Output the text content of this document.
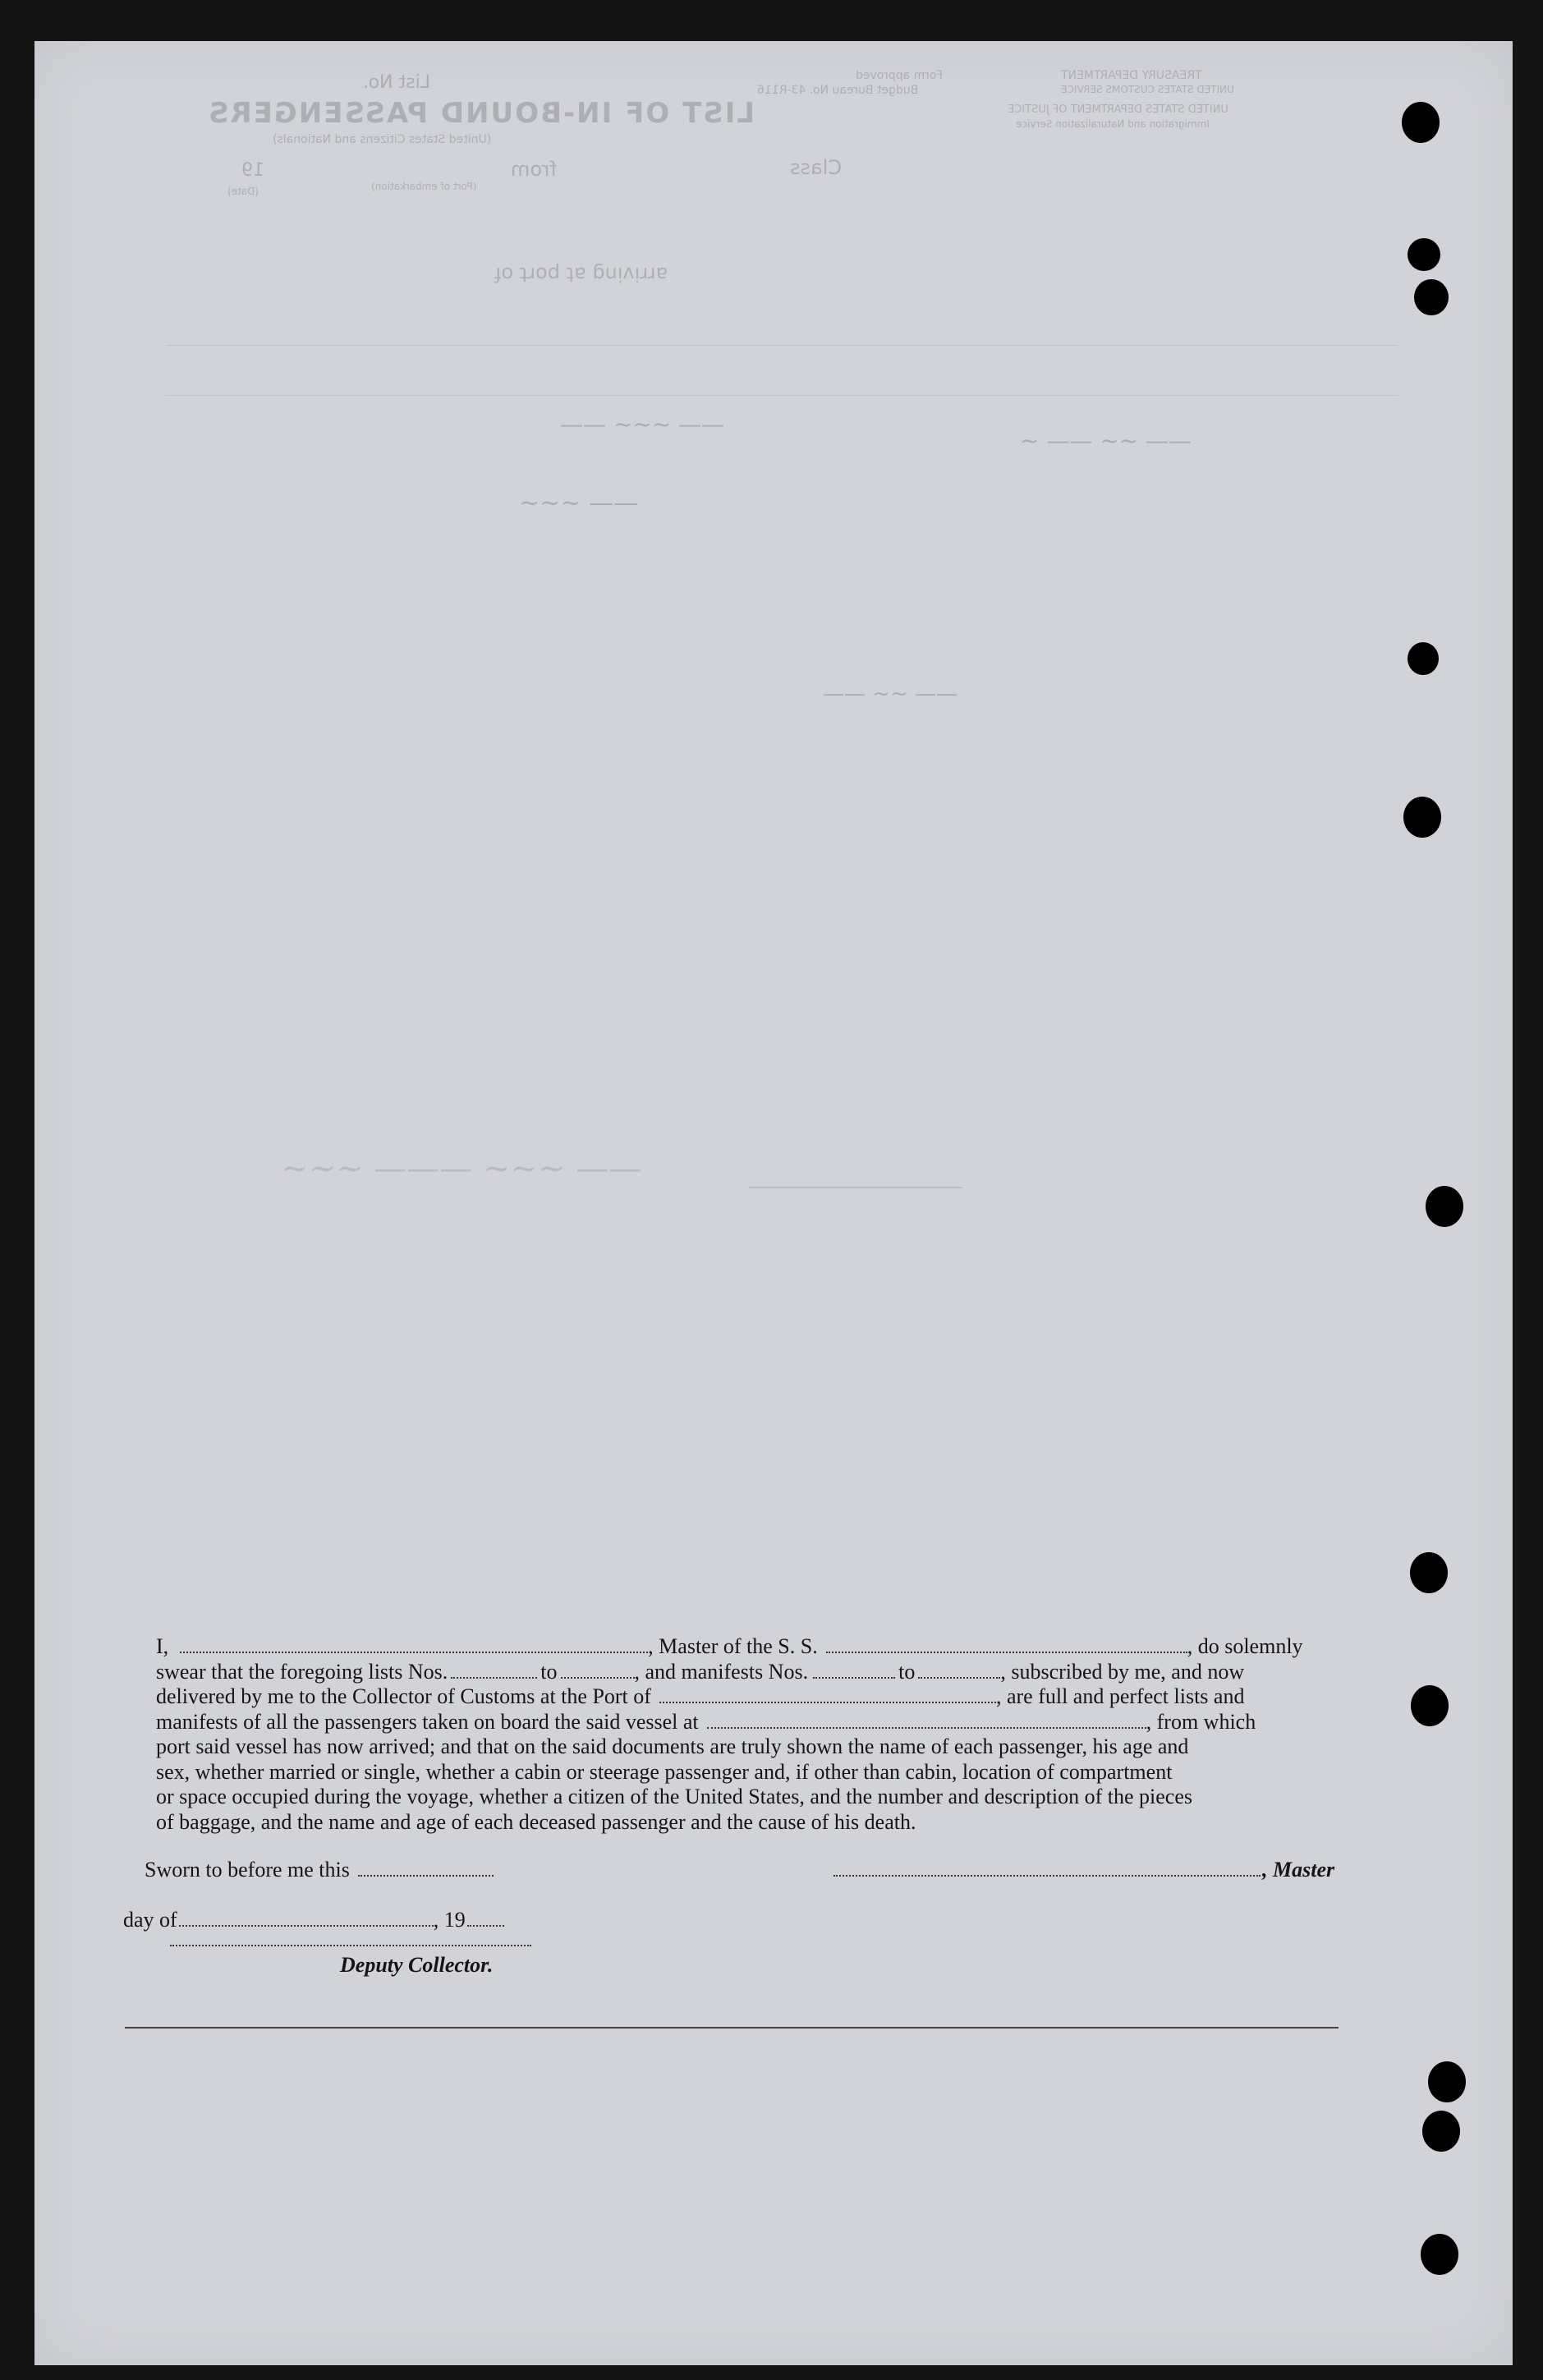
List No.
LIST OF IN-BOUND PASSENGERS
(United States Citizens and Nationals)
Form approved
Budget Bureau No. 43-R116
TREASURY DEPARTMENT
UNITED STATES CUSTOMS SERVICE
UNITED STATES DEPARTMENT OF JUSTICE
Immigration and Naturalization Service
Class
from
19
(Port of embarkation)
(Date)
arriving at port of
—— ~~~ ——
~~~ ——
~ —— ~~ ——
—— ~~ ——
~~~ ——— ~~~ ——
I,	, Master of the S. S.	, do solemnly
swear that the foregoing lists Nos.	to	, and manifests Nos.	to	, subscribed by me, and now
delivered by me to the Collector of Customs at the Port of	, are full and perfect lists and
manifests of all the passengers taken on board the said vessel at	, from which
port said vessel has now arrived; and that on the said documents are truly shown the name of each passenger, his age and
sex, whether married or single, whether a cabin or steerage passenger and, if other than cabin, location of compartment
or space occupied during the voyage, whether a citizen of the United States, and the number and description of the pieces
of baggage, and the name and age of each deceased passenger and the cause of his death.
Sworn to before me this	, Master
day of	, 19
Deputy Collector.
